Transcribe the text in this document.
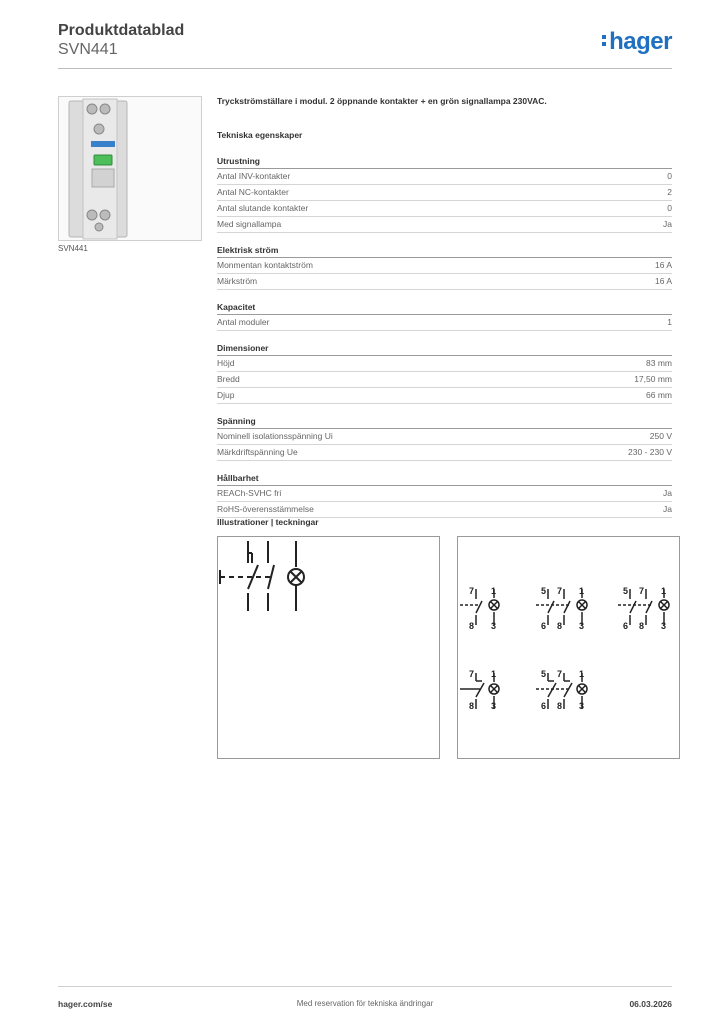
Produktdatablad
SVN441	hager
SVN441
Tryckströmställare i modul. 2 öppnande kontakter + en grön signallampa 230VAC.
Tekniska egenskaper
Utrustning
Antal INV-kontakter	0
Antal NC-kontakter	2
Antal slutande kontakter	0
Med signallampa	Ja
Elektrisk ström
Monmentan kontaktström	16 A
Märkström	16 A
Kapacitet
Antal moduler	1
Dimensioner
Höjd	83 mm
Bredd	17,50 mm
Djup	66 mm
Spänning
Nominell isolationsspänning Ui	250 V
Märkdriftspänning Ue	230 - 230 V
Hållbarhet
REACh-SVHC fri	Ja
RoHS-överensstämmelse	Ja
Illustrationer | teckningar
7 1
8 3
5 7 1
6 8 3
5 7 1
6 8 3
7 1
8 3
5 7 1
6 8 3
hager.com/se	Med reservation för tekniska ändringar	06.03.2026
